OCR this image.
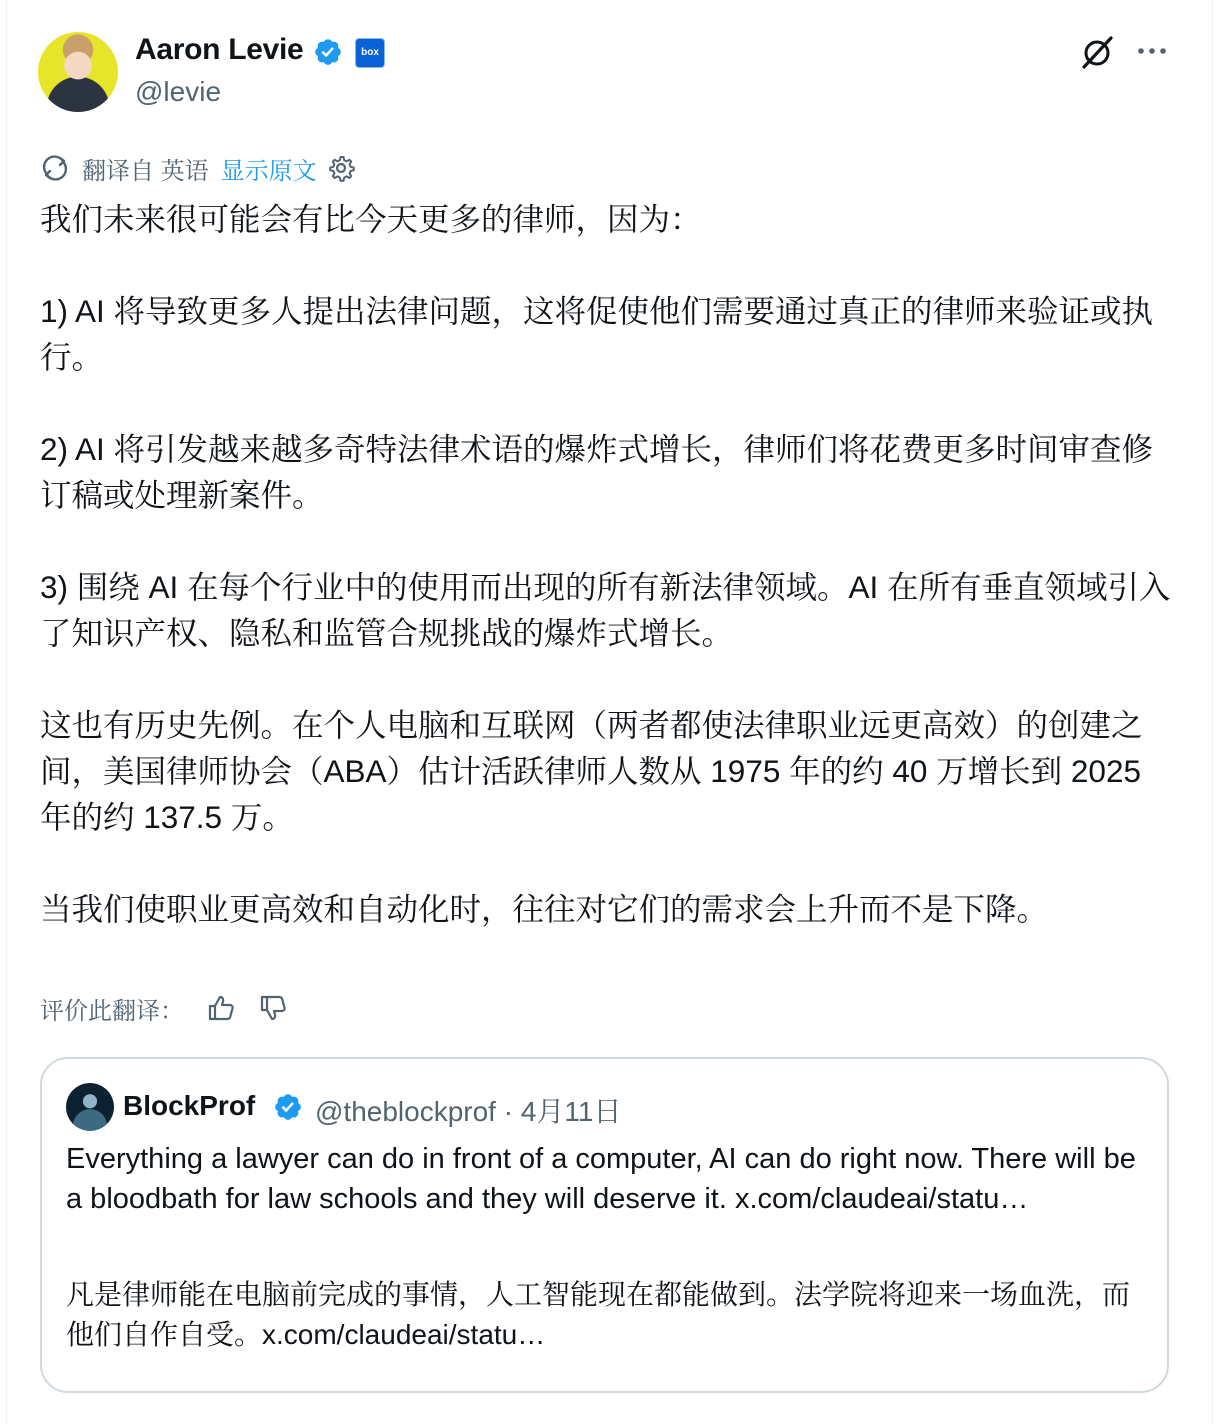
Aaron Levie	box
@levie
翻译自 英语 显示原文

我们未来很可能会有比今天更多的律师，因为：

1) AI 将导致更多人提出法律问题，这将促使他们需要通过真正的律师来验证或执行。

2) AI 将引发越来越多奇特法律术语的爆炸式增长，律师们将花费更多时间审查修订稿或处理新案件。

3) 围绕 AI 在每个行业中的使用而出现的所有新法律领域。AI 在所有垂直领域引入了知识产权、隐私和监管合规挑战的爆炸式增长。

这也有历史先例。在个人电脑和互联网（两者都使法律职业远更高效）的创建之间，美国律师协会（ABA）估计活跃律师人数从 1975 年的约 40 万增长到 2025 年的约 137.5 万。

当我们使职业更高效和自动化时，往往对它们的需求会上升而不是下降。

评价此翻译：
BlockProf @theblockprof · 4月11日
Everything a lawyer can do in front of a computer, AI can do right now. There will be a bloodbath for law schools and they will deserve it. x.com/claudeai/statu…
凡是律师能在电脑前完成的事情，人工智能现在都能做到。法学院将迎来一场血洗，而他们自作自受。x.com/claudeai/statu…
